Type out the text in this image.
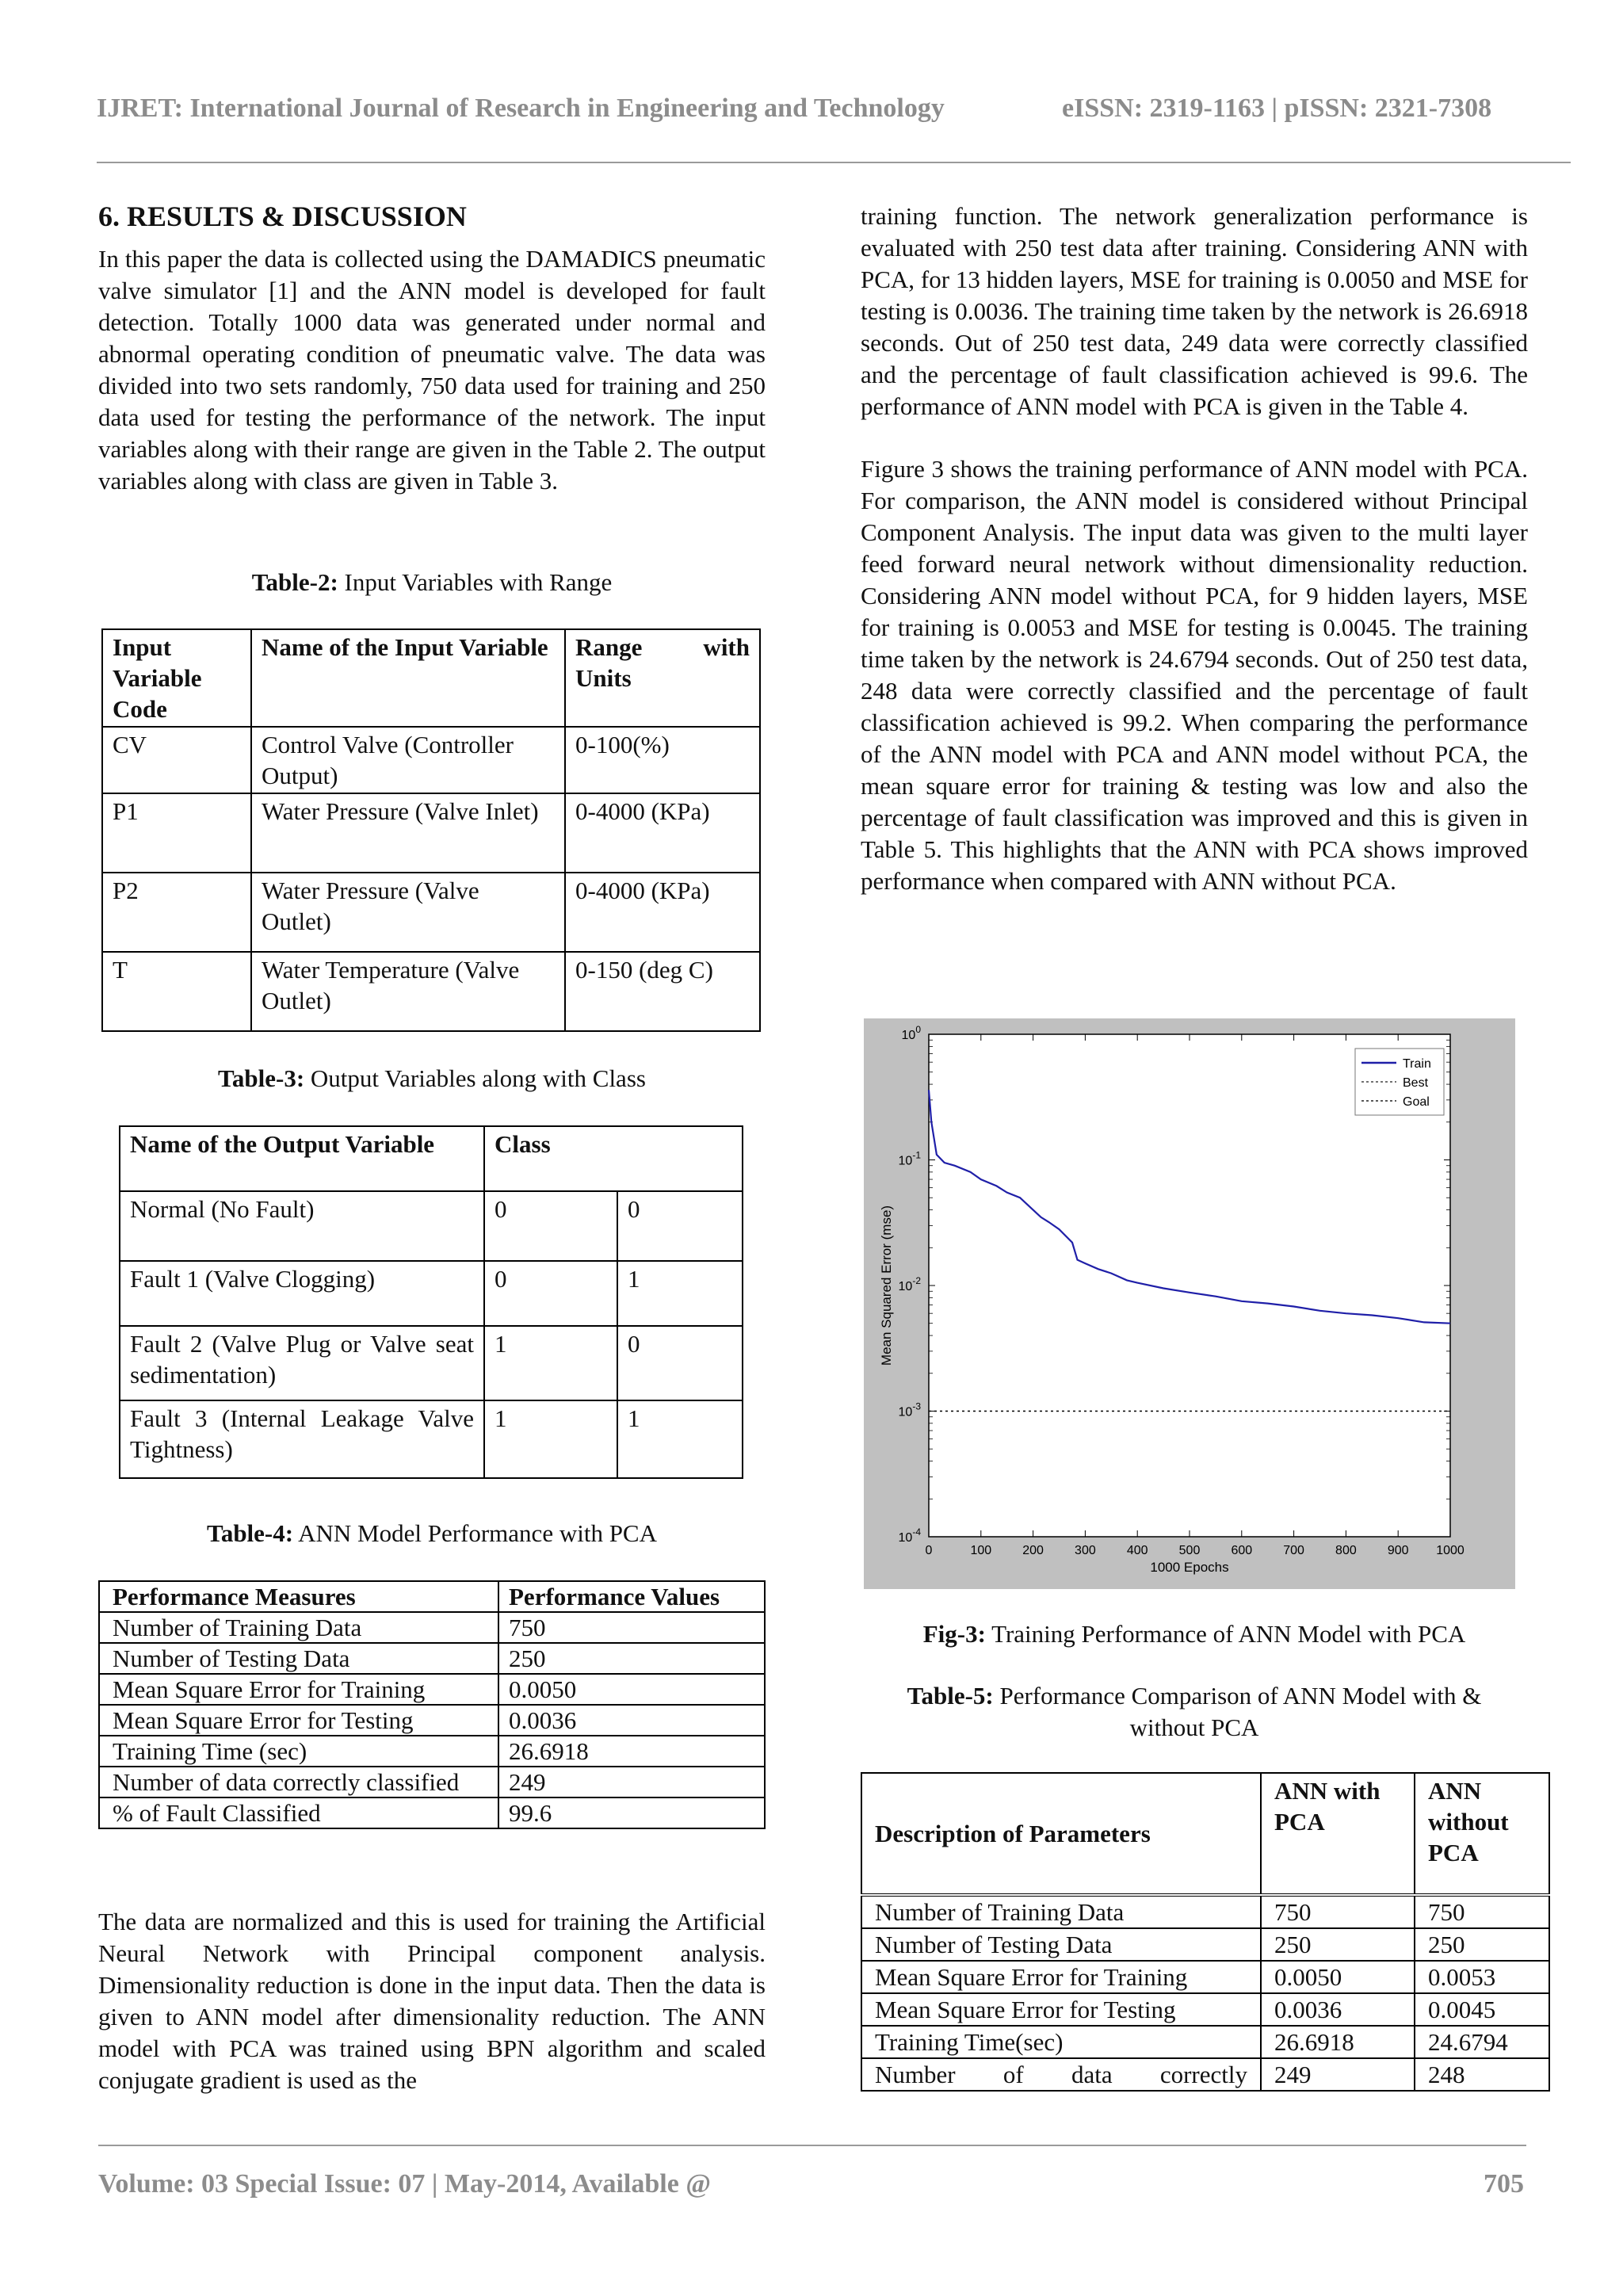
IJRET: International Journal of Research in Engineering and Technology	eISSN: 2319-1163 | pISSN: 2321-7308
6. RESULTS & DISCUSSION

In this paper the data is collected using the DAMADICS pneumatic valve simulator [1] and the ANN model is developed for fault detection. Totally 1000 data was generated under normal and abnormal operating condition of pneumatic valve. The data was divided into two sets randomly, 750 data used for training and 250 data used for testing the performance of the network. The input variables along with their range are given in the Table 2. The output variables along with class are given in Table 3.

Table-2: Input Variables with Range
Input Variable Code	Name of the Input Variable	Range with Units
CV	Control Valve (Controller Output)	0-100(%)
P1	Water Pressure (Valve Inlet)	0-4000 (KPa)
P2	Water Pressure (Valve Outlet)	0-4000 (KPa)
T	Water Temperature (Valve Outlet)	0-150 (deg C)
Table-3: Output Variables along with Class
Name of the Output Variable	Class	
Normal (No Fault)	0	0
Fault 1 (Valve Clogging)	0	1
Fault 2 (Valve Plug or Valve seat sedimentation)	1	0
Fault 3 (Internal Leakage Valve Tightness)	1	1
Table-4: ANN Model Performance with PCA
Performance Measures	Performance Values
Number of Training Data	750
Number of Testing Data	250
Mean Square Error for Training	0.0050
Mean Square Error for Testing	0.0036
Training Time (sec)	26.6918
Number of data correctly classified	249
% of Fault Classified	99.6

The data are normalized and this is used for training the Artificial Neural Network with Principal component analysis. Dimensionality reduction is done in the input data. Then the data is given to ANN model after dimensionality reduction. The ANN model with PCA was trained using BPN algorithm and scaled conjugate gradient is used as the

training function. The network generalization performance is evaluated with 250 test data after training. Considering ANN with PCA, for 13 hidden layers, MSE for training is 0.0050 and MSE for testing is 0.0036. The training time taken by the network is 26.6918 seconds. Out of 250 test data, 249 data were correctly classified and the percentage of fault classification achieved is 99.6. The performance of ANN model with PCA is given in the Table 4.

Figure 3 shows the training performance of ANN model with PCA. For comparison, the ANN model is considered without Principal Component Analysis. The input data was given to the multi layer feed forward neural network without dimensionality reduction. Considering ANN model without PCA, for 9 hidden layers, MSE for training is 0.0053 and MSE for testing is 0.0045. The training time taken by the network is 24.6794 seconds. Out of 250 test data, 248 data were correctly classified and the percentage of fault classification achieved is 99.2. When comparing the performance of the ANN model with PCA and ANN model without PCA, the mean square error for training & testing was low and also the percentage of fault classification was improved and this is given in Table 5. This highlights that the ANN with PCA shows improved performance when compared with ANN without PCA.

0	100 200 300 400 500 600 700 800 900 1000
$10^0$
$10^{-1}$
$10^{-2}$
$10^{-3}$
$10^{-4}$
1000 Epochs
Mean Squared Error (mse)
Train
Best
Goal
Fig-3: Training Performance of ANN Model with PCA
Table-5: Performance Comparison of ANN Model with & without PCA
Description of Parameters	ANN with PCA	ANN without PCA
Number of Training Data	750	750
Number of Testing Data	250	250
Mean Square Error for Training	0.0050	0.0053
Mean Square Error for Testing	0.0036	0.0045
Training Time(sec)	26.6918	24.6794
Number of data correctly	249	248
Volume: 03 Special Issue: 07 | May-2014, Available @	705
